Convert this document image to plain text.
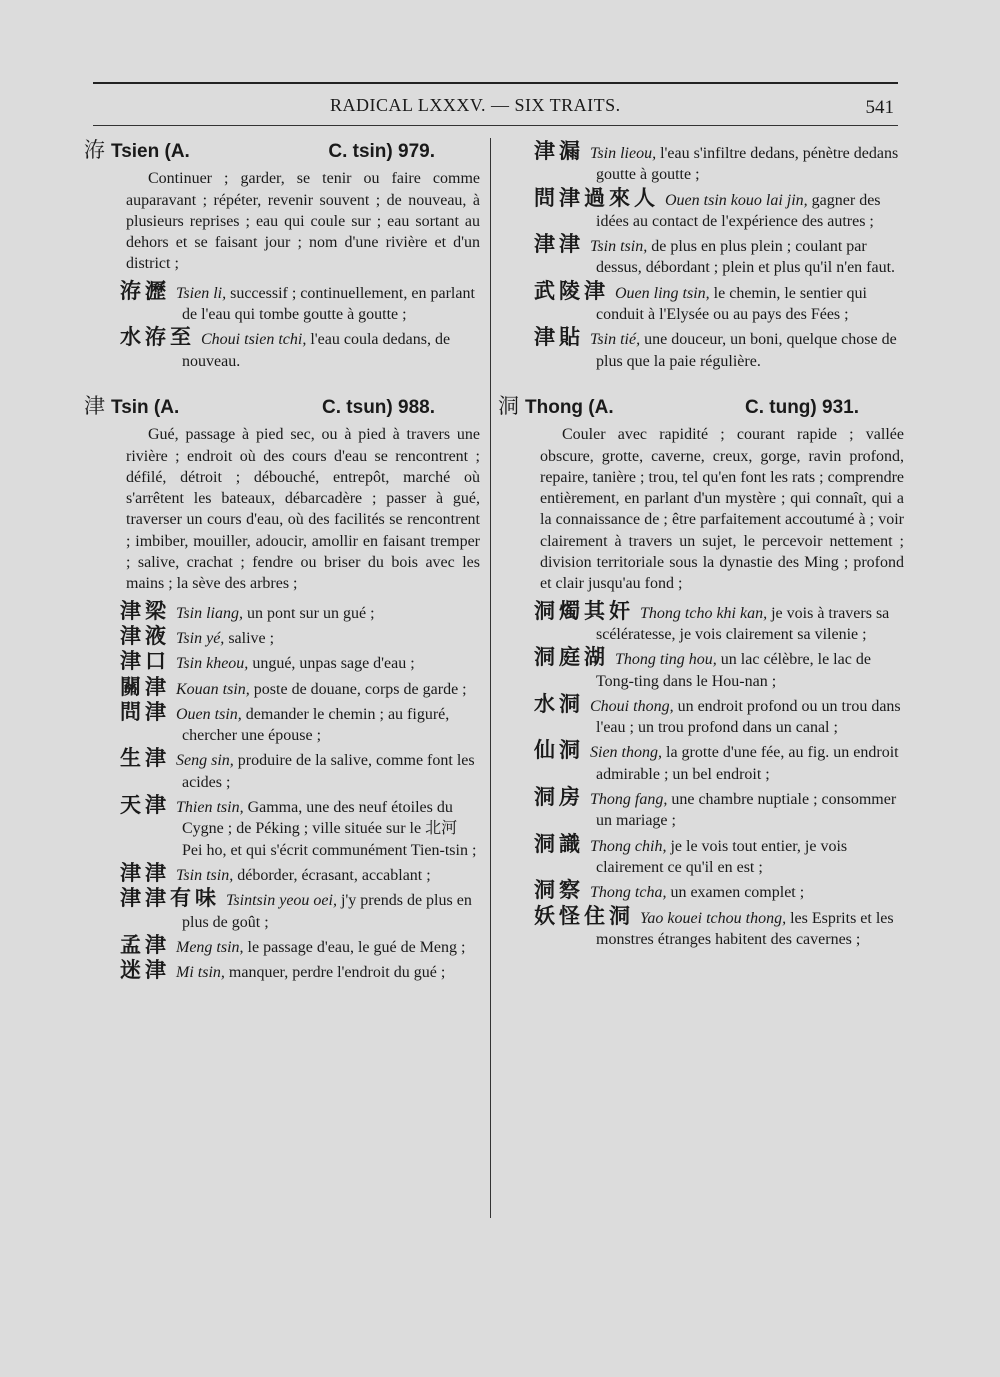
RADICAL LXXXV. — SIX TRAITS.	541
洊 Tsien (A.	C. tsin) 979.
Continuer ; garder, se tenir ou faire comme auparavant ; répéter, revenir souvent ; de nouveau, à plusieurs reprises ; eau qui coule sur ; eau sortant au dehors et se faisant jour ; nom d'une rivière et d'un district ;
洊瀝 Tsien li, successif ; continuellement, en parlant de l'eau qui tombe goutte à goutte ;
水洊至 Choui tsien tchi, l'eau coula dedans, de nouveau.
津 Tsin (A.	C. tsun) 988.
Gué, passage à pied sec, ou à pied à travers une rivière ; endroit où des cours d'eau se rencontrent ; défilé, détroit ; débouché, entrepôt, marché où s'arrêtent les bateaux, débarcadère ; passer à gué, traverser un cours d'eau, où des facilités se rencontrent ; imbiber, mouiller, adoucir, amollir en faisant tremper ; salive, crachat ; fendre ou briser du bois avec les mains ; la sève des arbres ;
津梁 Tsin liang, un pont sur un gué ;
津液 Tsin yé, salive ;
津口 Tsin kheou, ungué, unpas sage d'eau ;
關津 Kouan tsin, poste de douane, corps de garde ;
問津 Ouen tsin, demander le chemin ; au figuré, chercher une épouse ;
生津 Seng sin, produire de la salive, comme font les acides ;
天津 Thien tsin, Gamma, une des neuf étoiles du Cygne ; de Péking ; ville située sur le 北河 Pei ho, et qui s'écrit communément Tien-tsin ;
津津 Tsin tsin, déborder, écrasant, accablant ;
津津有味 Tsintsin yeou oei, j'y prends de plus en plus de goût ;
孟津 Meng tsin, le passage d'eau, le gué de Meng ;
迷津 Mi tsin, manquer, perdre l'endroit du gué ;
津漏 Tsin lieou, l'eau s'infiltre dedans, pénètre dedans goutte à goutte ;
問津過來人 Ouen tsin kouo lai jin, gagner des idées au contact de l'expérience des autres ;
津津 Tsin tsin, de plus en plus plein ; coulant par dessus, débordant ; plein et plus qu'il n'en faut.
武陵津 Ouen ling tsin, le chemin, le sentier qui conduit à l'Elysée ou au pays des Fées ;
津貼 Tsin tié, une douceur, un boni, quelque chose de plus que la paie régulière.
洞 Thong (A.	C. tung) 931.
Couler avec rapidité ; courant rapide ; vallée obscure, grotte, caverne, creux, gorge, ravin profond, repaire, tanière ; trou, tel qu'en font les rats ; comprendre entièrement, en parlant d'un mystère ; qui connaît, qui a la connaissance de ; être parfaitement accoutumé à ; voir clairement à travers un sujet, le percevoir nettement ; division territoriale sous la dynastie des Ming ; profond et clair jusqu'au fond ;
洞燭其奸 Thong tcho khi kan, je vois à travers sa scélératesse, je vois clairement sa vilenie ;
洞庭湖 Thong ting hou, un lac célèbre, le lac de Tong-ting dans le Hou-nan ;
水洞 Choui thong, un endroit profond ou un trou dans l'eau ; un trou profond dans un canal ;
仙洞 Sien thong, la grotte d'une fée, au fig. un endroit admirable ; un bel endroit ;
洞房 Thong fang, une chambre nuptiale ; consommer un mariage ;
洞識 Thong chih, je le vois tout entier, je vois clairement ce qu'il en est ;
洞察 Thong tcha, un examen complet ;
妖怪住洞 Yao kouei tchou thong, les Esprits et les monstres étranges habitent des cavernes ;
